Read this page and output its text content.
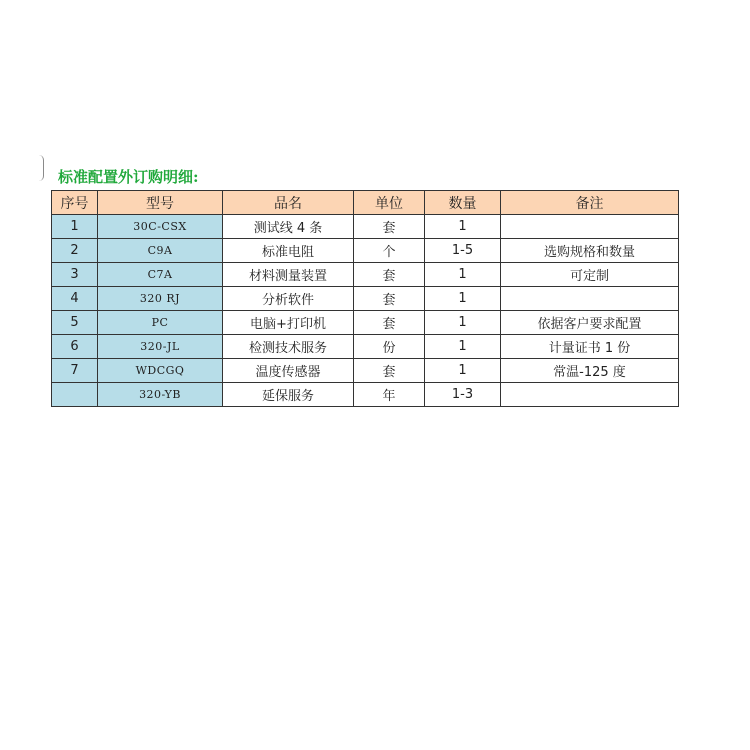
标准配置外订购明细:
序号	型号	品名	单位	数量	备注
1	30C-CSX	测试线 4 条	套	1	
2	C9A	标准电阻	个	1-5	选购规格和数量
3	C7A	材料测量装置	套	1	可定制
4	320 RJ	分析软件	套	1	
5	PC	电脑+打印机	套	1	依据客户要求配置
6	320-JL	检测技术服务	份	1	计量证书 1 份
7	WDCGQ	温度传感器	套	1	常温-125 度
	320-YB	延保服务	年	1-3	
